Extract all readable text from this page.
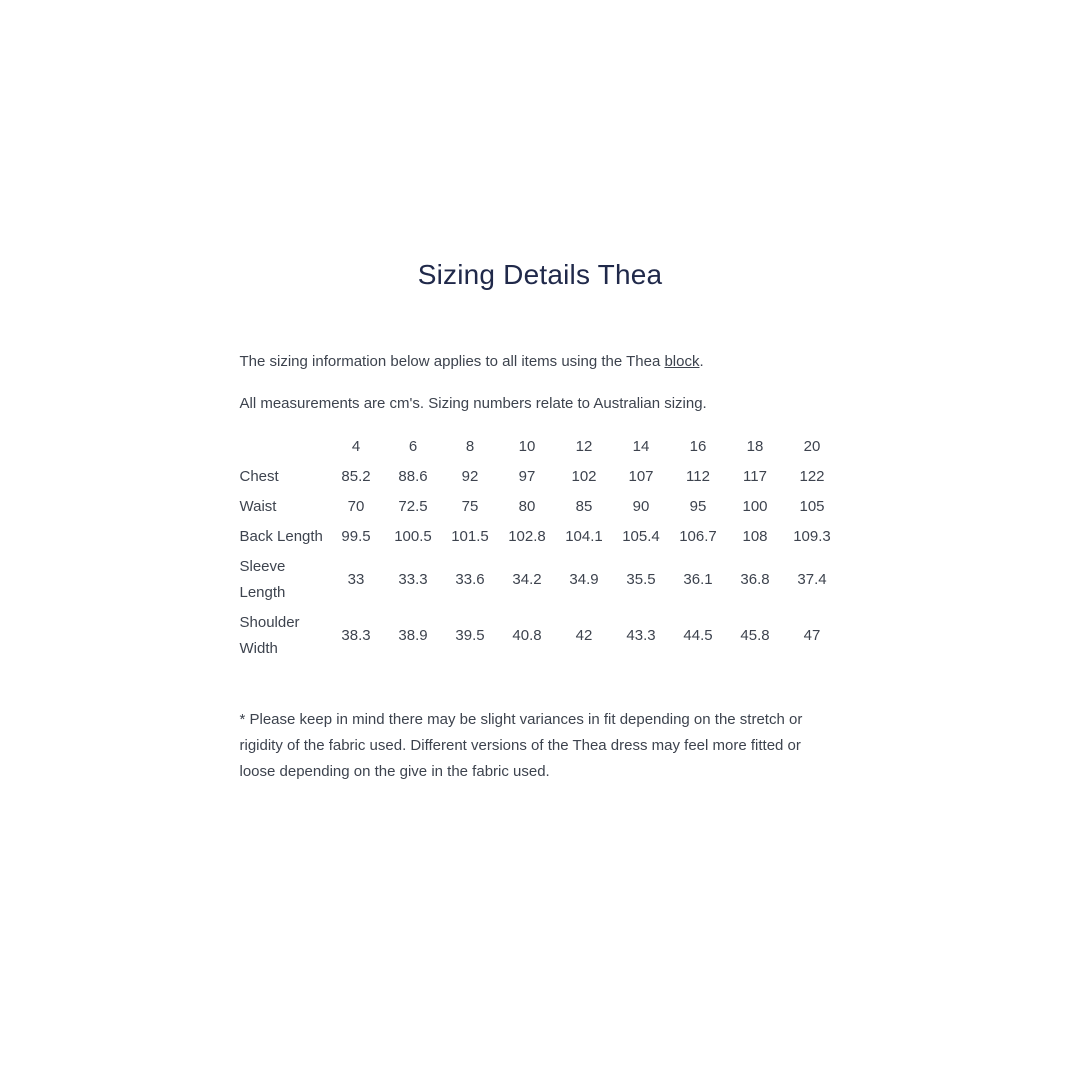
Sizing Details Thea

The sizing information below applies to all items using the Thea block.

All measurements are cm's. Sizing numbers relate to Australian sizing.

	4	6	8	10	12	14	16	18	20
Chest	85.2	88.6	92	97	102	107	112	117	122
Waist	70	72.5	75	80	85	90	95	100	105
Back Length	99.5	100.5	101.5	102.8	104.1	105.4	106.7	108	109.3
Sleeve Length	33	33.3	33.6	34.2	34.9	35.5	36.1	36.8	37.4
Shoulder Width	38.3	38.9	39.5	40.8	42	43.3	44.5	45.8	47

* Please keep in mind there may be slight variances in fit depending on the stretch or rigidity of the fabric used. Different versions of the Thea dress may feel more fitted or loose depending on the give in the fabric used.
